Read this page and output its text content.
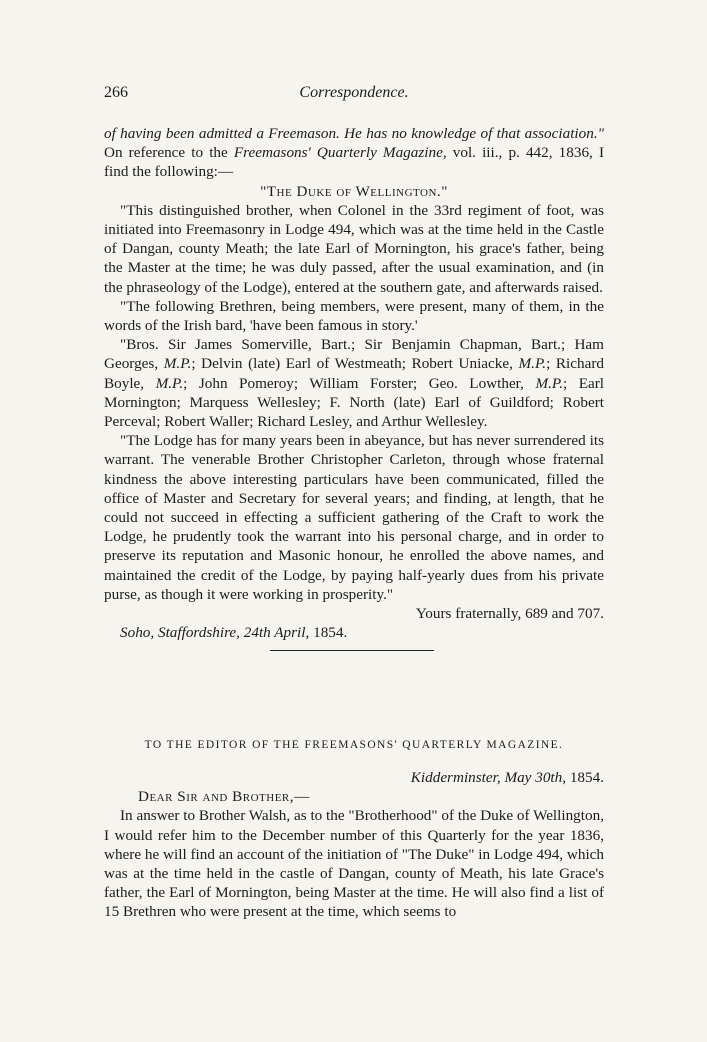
266	Correspondence.

of having been admitted a Freemason. He has no knowledge of that association." On reference to the Freemasons' Quarterly Magazine, vol. iii., p. 442, 1836, I find the following:—

"The Duke of Wellington."

"This distinguished brother, when Colonel in the 33rd regiment of foot, was initiated into Freemasonry in Lodge 494, which was at the time held in the Castle of Dangan, county Meath; the late Earl of Mornington, his grace's father, being the Master at the time; he was duly passed, after the usual examination, and (in the phraseology of the Lodge), entered at the southern gate, and afterwards raised.

"The following Brethren, being members, were present, many of them, in the words of the Irish bard, 'have been famous in story.'

"Bros. Sir James Somerville, Bart.; Sir Benjamin Chapman, Bart.; Ham Georges, M.P.; Delvin (late) Earl of Westmeath; Robert Uniacke, M.P.; Richard Boyle, M.P.; John Pomeroy; William Forster; Geo. Lowther, M.P.; Earl Mornington; Marquess Wellesley; F. North (late) Earl of Guildford; Robert Perceval; Robert Waller; Richard Lesley, and Arthur Wellesley.

"The Lodge has for many years been in abeyance, but has never surrendered its warrant. The venerable Brother Christopher Carleton, through whose fraternal kindness the above interesting particulars have been communicated, filled the office of Master and Secretary for several years; and finding, at length, that he could not succeed in effecting a sufficient gathering of the Craft to work the Lodge, he prudently took the warrant into his personal charge, and in order to preserve its reputation and Masonic honour, he enrolled the above names, and maintained the credit of the Lodge, by paying half-yearly dues from his private purse, as though it were working in prosperity."

Yours fraternally, 689 and 707.

Soho, Staffordshire, 24th April, 1854.

TO THE EDITOR OF THE FREEMASONS' QUARTERLY MAGAZINE.

Kidderminster, May 30th, 1854.

Dear Sir and Brother,—

In answer to Brother Walsh, as to the "Brotherhood" of the Duke of Wellington, I would refer him to the December number of this Quarterly for the year 1836, where he will find an account of the initiation of "The Duke" in Lodge 494, which was at the time held in the castle of Dangan, county of Meath, his late Grace's father, the Earl of Mornington, being Master at the time. He will also find a list of 15 Brethren who were present at the time, which seems to
